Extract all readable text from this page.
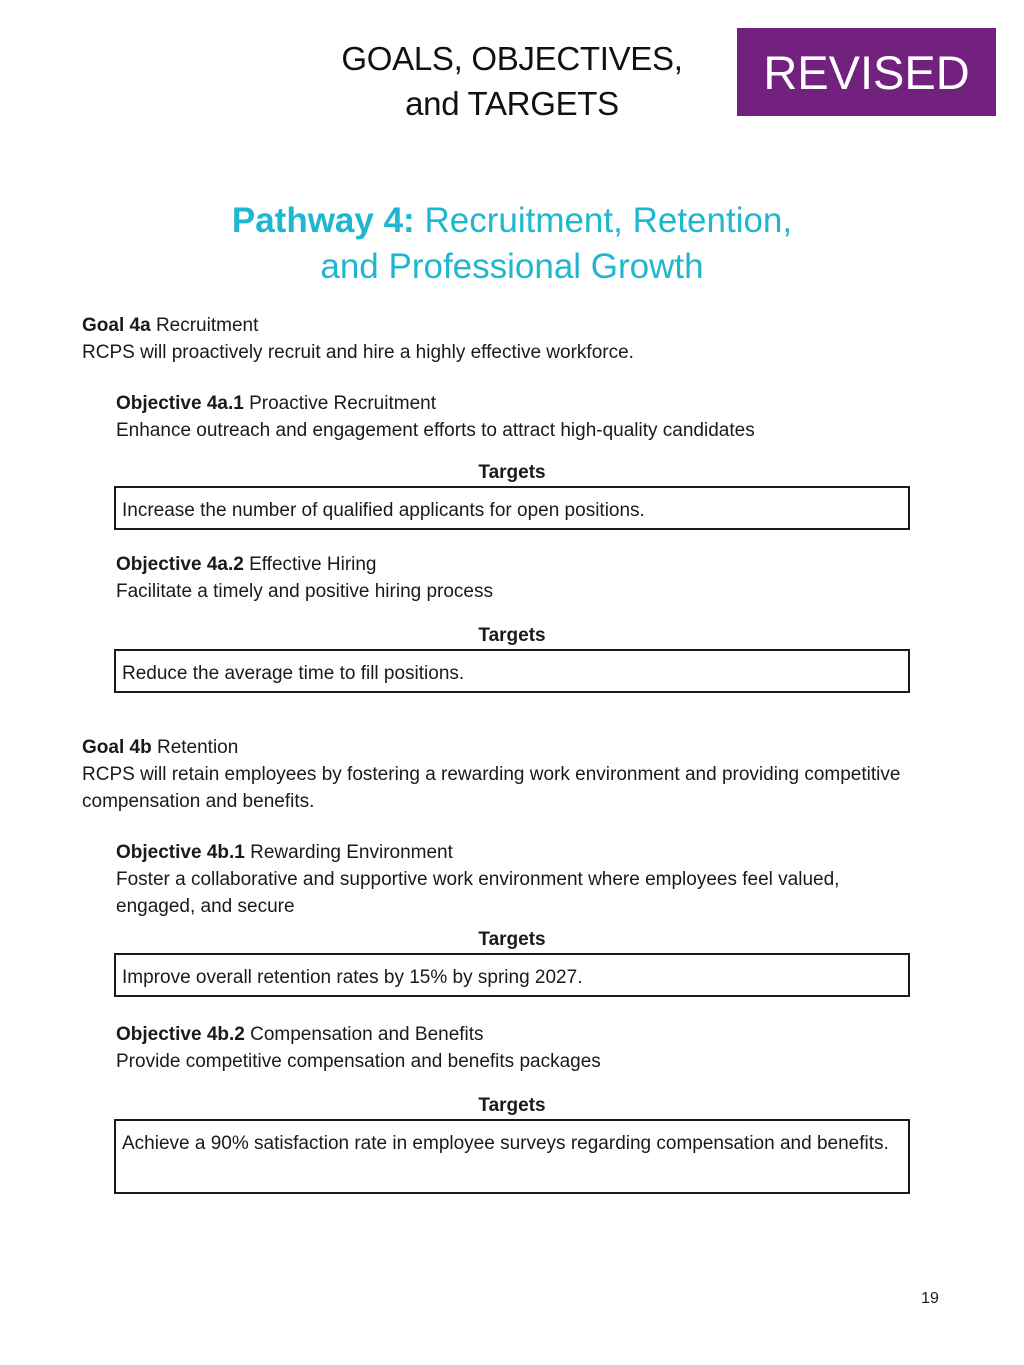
GOALS, OBJECTIVES,
and TARGETS
REVISED
Pathway 4: Recruitment, Retention,
and Professional Growth
Goal 4a Recruitment
RCPS will proactively recruit and hire a highly effective workforce.
Objective 4a.1 Proactive Recruitment
Enhance outreach and engagement efforts to attract high-quality candidates
Targets
Increase the number of qualified applicants for open positions.
Objective 4a.2 Effective Hiring
Facilitate a timely and positive hiring process
Targets
Reduce the average time to fill positions.
Goal 4b Retention
RCPS will retain employees by fostering a rewarding work environment and providing competitive compensation and benefits.
Objective 4b.1 Rewarding Environment
Foster a collaborative and supportive work environment where employees feel valued, engaged, and secure
Targets
Improve overall retention rates by 15% by spring 2027.
Objective 4b.2 Compensation and Benefits
Provide competitive compensation and benefits packages
Targets
Achieve a 90% satisfaction rate in employee surveys regarding compensation and benefits.
19
